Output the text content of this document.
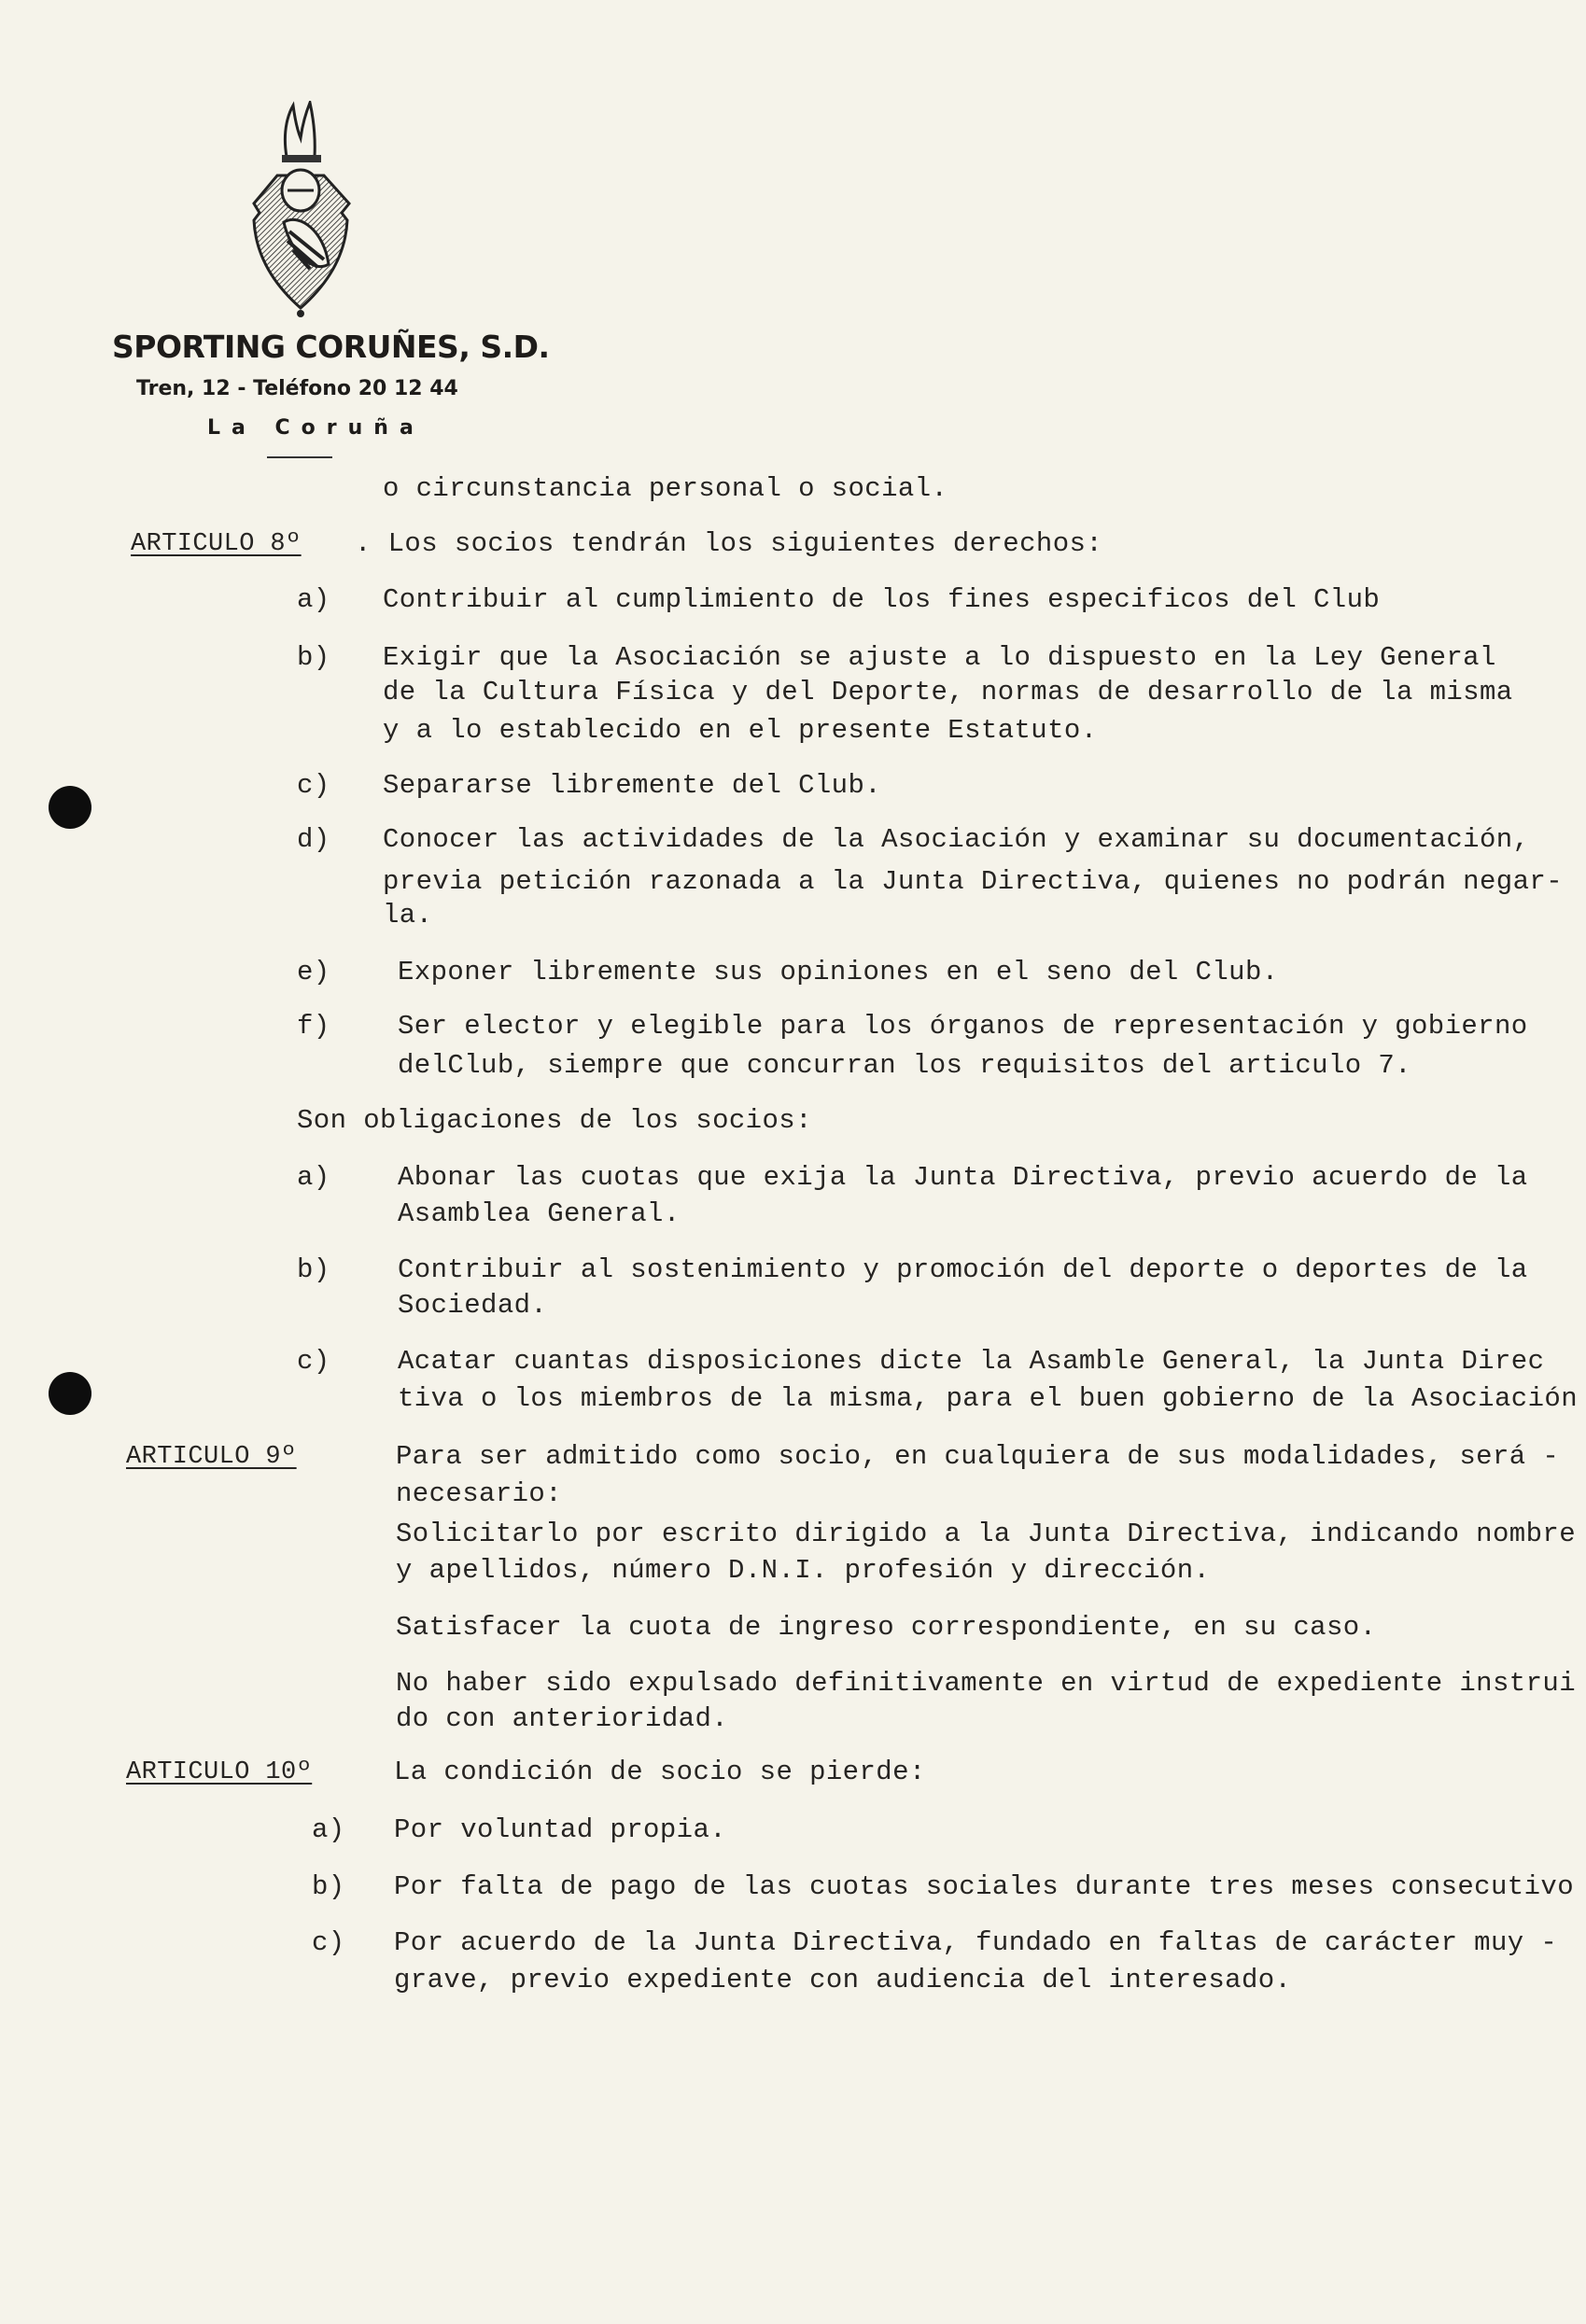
SPORTING CORUÑES, S.D.
Tren, 12 - Teléfono 20 12 44
La Coruña
o circunstancia personal o social.
ARTICULO 8º . Los socios tendrán los siguientes derechos:
a) Contribuir al cumplimiento de los fines especificos del Club
b) Exigir que la Asociación se ajuste a lo dispuesto en la Ley General
de la Cultura Física y del Deporte, normas de desarrollo de la misma
y a lo establecido en el presente Estatuto.
c) Separarse libremente del Club.
d) Conocer las actividades de la Asociación y examinar su documentación,
previa petición razonada a la Junta Directiva, quienes no podrán negar-
la.
e) Exponer libremente sus opiniones en el seno del Club.
f) Ser elector y elegible para los órganos de representación y gobierno
delClub, siempre que concurran los requisitos del articulo 7.
Son obligaciones de los socios:
a) Abonar las cuotas que exija la Junta Directiva, previo acuerdo de la
Asamblea General.
b) Contribuir al sostenimiento y promoción del deporte o deportes de la
Sociedad.
c) Acatar cuantas disposiciones dicte la Asamble General, la Junta Direc
tiva o los miembros de la misma, para el buen gobierno de la Asociación
ARTICULO 9º	Para ser admitido como socio, en cualquiera de sus modalidades, será -
necesario:
Solicitarlo por escrito dirigido a la Junta Directiva, indicando nombre
y apellidos, número D.N.I. profesión y dirección.
Satisfacer la cuota de ingreso correspondiente, en su caso.
No haber sido expulsado definitivamente en virtud de expediente instrui
do con anterioridad.
ARTICULO 10º	La condición de socio se pierde:
a) Por voluntad propia.
b) Por falta de pago de las cuotas sociales durante tres meses consecutivo
c) Por acuerdo de la Junta Directiva, fundado en faltas de carácter muy -
grave, previo expediente con audiencia del interesado.
